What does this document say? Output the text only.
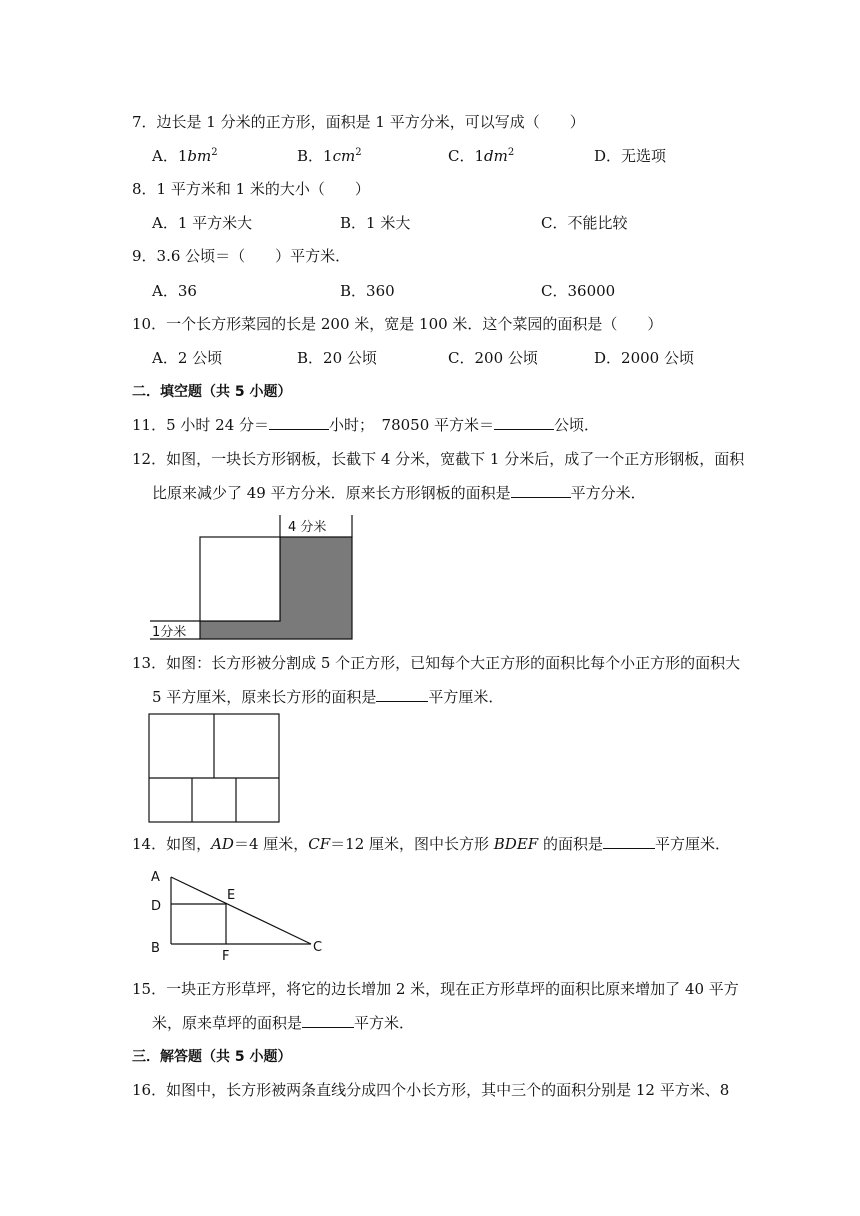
7．边长是 1 分米的正方形，面积是 1 平方分米，可以写成（　　）
A．$1bm^2$	B．$1cm^2$	C．$1dm^2$	D．无选项
8．1 平方米和 1 米的大小（　　）
A．1 平方米大	B．1 米大	C．不能比较
9．3.6 公顷＝（　　）平方米．
A．36	B．360	C．36000
10．一个长方形菜园的长是 200 米，宽是 100 米．这个菜园的面积是（　　）
A．2 公顷	B．20 公顷	C．200 公顷	D．2000 公顷
二．填空题（共 5 小题）
11．5 小时 24 分＝	小时；　78050 平方米＝	公顷．
12．如图，一块长方形钢板，长截下 4 分米，宽截下 1 分米后，成了一个正方形钢板，面积
比原来减少了 49 平方分米．原来长方形钢板的面积是	平方分米．
4 分米
1分米
13．如图：长方形被分割成 5 个正方形，已知每个大正方形的面积比每个小正方形的面积大
5 平方厘米，原来长方形的面积是	平方厘米．
14．如图，AD＝4 厘米，CF＝12 厘米，图中长方形 BDEF 的面积是	平方厘米．
A
D
B
E
F
C
15．一块正方形草坪，将它的边长增加 2 米，现在正方形草坪的面积比原来增加了 40 平方
米，原来草坪的面积是	平方米．
三．解答题（共 5 小题）
16．如图中，长方形被两条直线分成四个小长方形，其中三个的面积分别是 12 平方米、8
